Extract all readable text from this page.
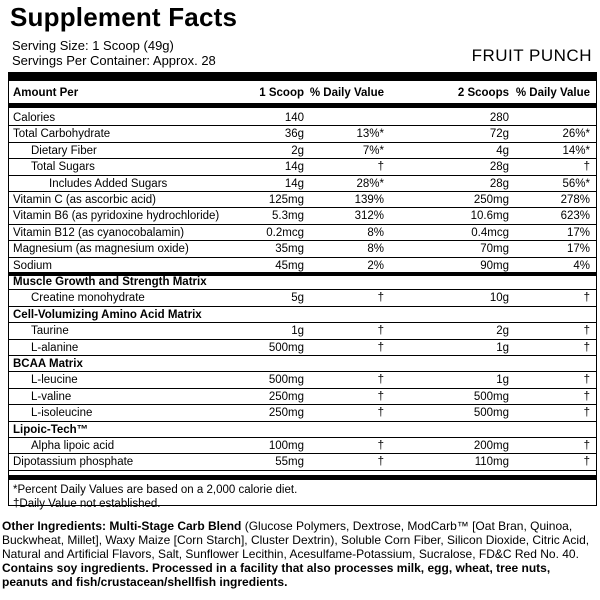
Supplement Facts
Serving Size: 1 Scoop (49g)
Servings Per Container: Approx. 28	FRUIT PUNCH
Amount Per	1 Scoop % Daily Value	2 Scoops % Daily Value
Calories	140	280
Total Carbohydrate	36g	13%*	72g	26%*
Dietary Fiber	2g	7%*	4g	14%*
Total Sugars	14g	†	28g	†
Includes Added Sugars	14g	28%*	28g	56%*
Vitamin C (as ascorbic acid)	125mg	139%	250mg	278%
Vitamin B6 (as pyridoxine hydrochloride)	5.3mg	312%	10.6mg	623%
Vitamin B12 (as cyanocobalamin)	0.2mcg	8%	0.4mcg	17%
Magnesium (as magnesium oxide)	35mg	8%	70mg	17%
Sodium	45mg	2%	90mg	4%
Muscle Growth and Strength Matrix
Creatine monohydrate	5g	†	10g	†
Cell-Volumizing Amino Acid Matrix
Taurine	1g	†	2g	†
L-alanine	500mg	†	1g	†
BCAA Matrix
L-leucine	500mg	†	1g	†
L-valine	250mg	†	500mg	†
L-isoleucine	250mg	†	500mg	†
Lipoic-Tech™
Alpha lipoic acid	100mg	†	200mg	†
Dipotassium phosphate	55mg	†	110mg	†
*Percent Daily Values are based on a 2,000 calorie diet.
†Daily Value not established.
Other Ingredients: Multi-Stage Carb Blend (Glucose Polymers, Dextrose, ModCarb™ [Oat Bran, Quinoa, Buckwheat, Millet], Waxy Maize [Corn Starch], Cluster Dextrin), Soluble Corn Fiber, Silicon Dioxide, Citric Acid, Natural and Artificial Flavors, Salt, Sunflower Lecithin, Acesulfame-Potassium, Sucralose, FD&C Red No. 40. Contains soy ingredients. Processed in a facility that also processes milk, egg, wheat, tree nuts, peanuts and fish/crustacean/shellfish ingredients.
